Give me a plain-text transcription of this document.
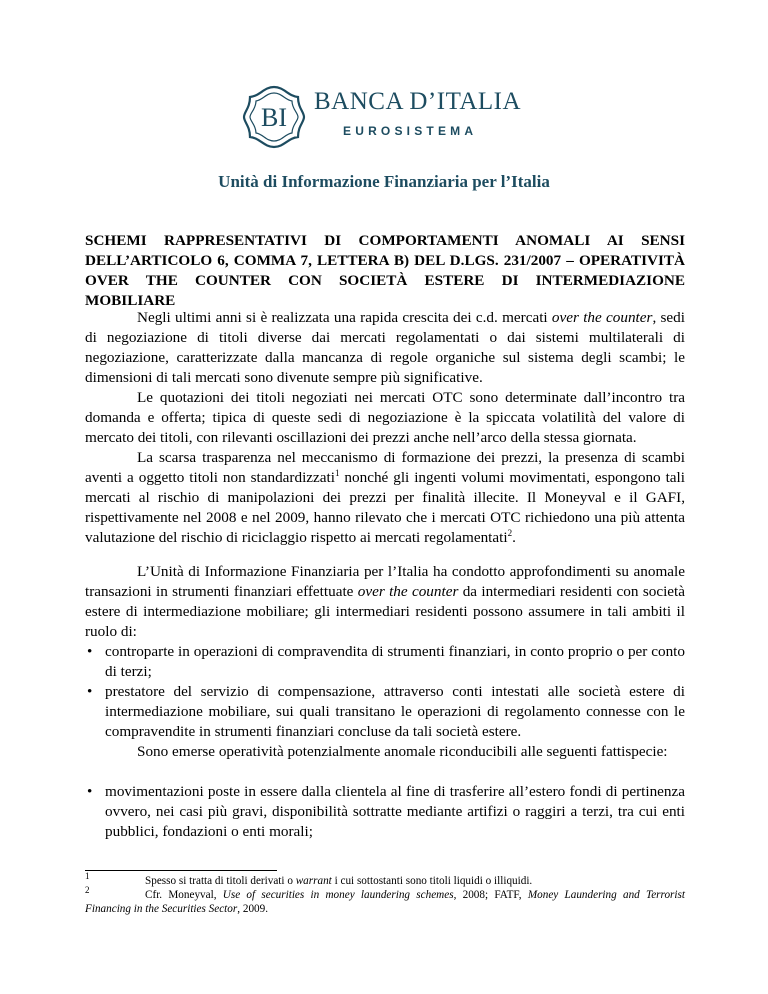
BI
BANCA D’ITALIA
EUROSISTEMA
Unità di Informazione Finanziaria per l’Italia

SCHEMI RAPPRESENTATIVI DI COMPORTAMENTI ANOMALI AI SENSI DELL’ARTICOLO 6, COMMA 7, LETTERA B) DEL D.LGS. 231/2007 – OPERATIVITÀ OVER THE COUNTER CON SOCIETÀ ESTERE DI INTERMEDIAZIONE MOBILIARE

Negli ultimi anni si è realizzata una rapida crescita dei c.d. mercati over the counter, sedi di negoziazione di titoli diverse dai mercati regolamentati o dai sistemi multilaterali di negoziazione, caratterizzate dalla mancanza di regole organiche sul sistema degli scambi; le dimensioni di tali mercati sono divenute sempre più significative.

Le quotazioni dei titoli negoziati nei mercati OTC sono determinate dall’incontro tra domanda e offerta; tipica di queste sedi di negoziazione è la spiccata volatilità del valore di mercato dei titoli, con rilevanti oscillazioni dei prezzi anche nell’arco della stessa giornata.

La scarsa trasparenza nel meccanismo di formazione dei prezzi, la presenza di scambi aventi a oggetto titoli non standardizzati$^1$ nonché gli ingenti volumi movimentati, espongono tali mercati al rischio di manipolazioni dei prezzi per finalità illecite. Il Moneyval e il GAFI, rispettivamente nel 2008 e nel 2009, hanno rilevato che i mercati OTC richiedono una più attenta valutazione del rischio di riciclaggio rispetto ai mercati regolamentati$^2$.

L’Unità di Informazione Finanziaria per l’Italia ha condotto approfondimenti su anomale transazioni in strumenti finanziari effettuate over the counter da intermediari residenti con società estere di intermediazione mobiliare; gli intermediari residenti possono assumere in tali ambiti il ruolo di:

• controparte in operazioni di compravendita di strumenti finanziari, in conto proprio o per conto di terzi;
• prestatore del servizio di compensazione, attraverso conti intestati alle società estere di intermediazione mobiliare, sui quali transitano le operazioni di regolamento connesse con le compravendite in strumenti finanziari concluse da tali società estere.

Sono emerse operatività potenzialmente anomale riconducibili alle seguenti fattispecie:

• movimentazioni poste in essere dalla clientela al fine di trasferire all’estero fondi di pertinenza ovvero, nei casi più gravi, disponibilità sottratte mediante artifizi o raggiri a terzi, tra cui enti pubblici, fondazioni o enti morali;

$^1$	Spesso si tratta di titoli derivati o warrant i cui sottostanti sono titoli liquidi o illiquidi.

$^2$	Cfr. Moneyval, Use of securities in money laundering schemes, 2008; FATF, Money Laundering and Terrorist Financing in the Securities Sector, 2009.
